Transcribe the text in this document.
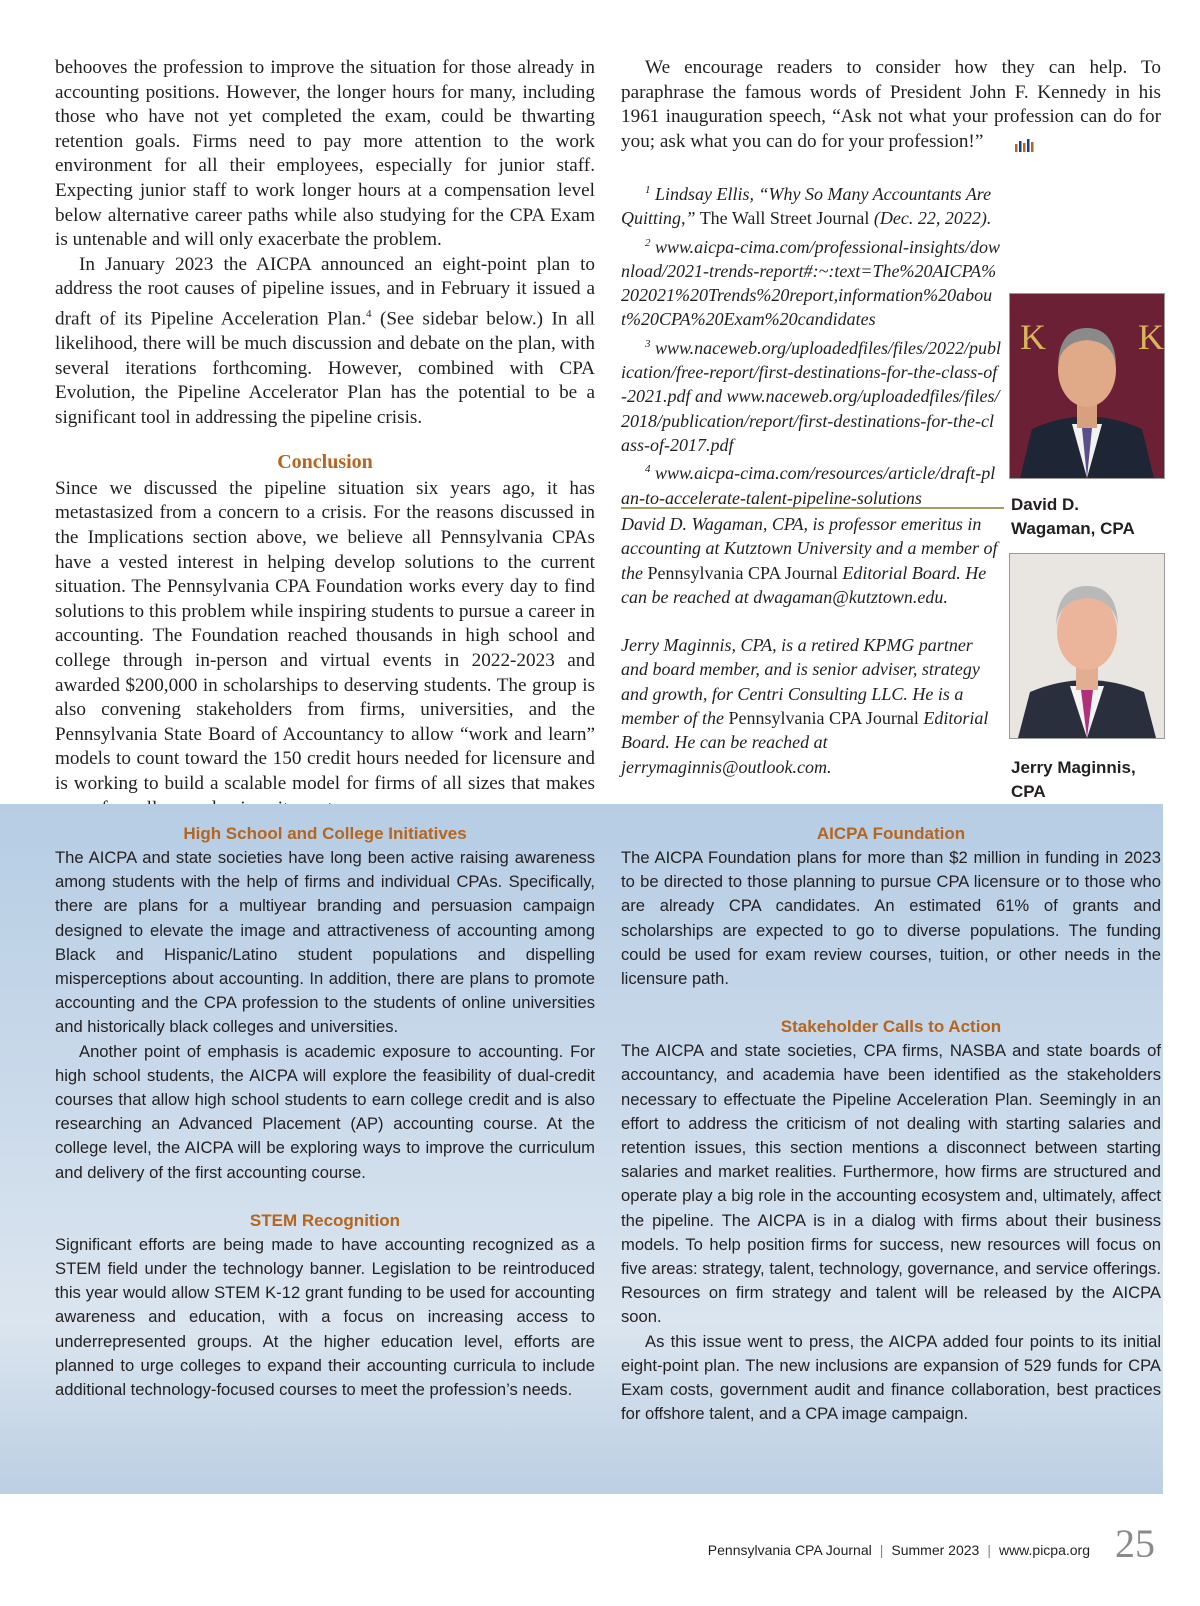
behooves the profession to improve the situation for those already in accounting positions. However, the longer hours for many, including those who have not yet completed the exam, could be thwarting retention goals. Firms need to pay more attention to the work environment for all their employees, especially for junior staff. Expecting junior staff to work longer hours at a compensation level below alternative career paths while also studying for the CPA Exam is untenable and will only exacerbate the problem.

In January 2023 the AICPA announced an eight-point plan to address the root causes of pipeline issues, and in February it issued a draft of its Pipeline Acceleration Plan.$^4$ (See sidebar below.) In all likelihood, there will be much discussion and debate on the plan, with several iterations forthcoming. However, combined with CPA Evolution, the Pipeline Accelerator Plan has the potential to be a significant tool in addressing the pipeline crisis.

Conclusion

Since we discussed the pipeline situation six years ago, it has metastasized from a concern to a crisis. For the reasons discussed in the Implications section above, we believe all Pennsylvania CPAs have a vested interest in helping develop solutions to the current situation. The Pennsylvania CPA Foundation works every day to find solutions to this problem while inspiring students to pursue a career in accounting. The Foundation reached thousands in high school and college through in-person and virtual events in 2022-2023 and awarded $200,000 in scholarships to deserving students. The group is also convening stakeholders from firms, universities, and the Pennsylvania State Board of Accountancy to allow “work and learn” models to count toward the 150 credit hours needed for licensure and is working to build a scalable model for firms of all sizes that makes

We encourage readers to consider how they can help. To paraphrase the famous words of President John F. Kennedy in his 1961 inauguration speech, “Ask not what your profession can do for you; ask what you can do for your profession!”

$^1$ Lindsay Ellis, “Why So Many Accountants Are Quitting,” The Wall Street Journal (Dec. 22, 2022).

$^2$ www.aicpa-cima.com/professional-insights/download/2021-trends-report#:~:text=The%20AICPA%202021%20Trends%20report,information%20about%20CPA%20Exam%20candidates

$^3$ www.naceweb.org/uploadedfiles/files/2022/publication/free-report/first-destinations-for-the-class-of-2021.pdf and www.naceweb.org/uploadedfiles/files/2018/publication/report/first-destinations-for-the-class-of-2017.pdf

$^4$ www.aicpa-cima.com/resources/article/draft-plan-to-accelerate-talent-pipeline-solutions

David D. Wagaman, CPA, is professor emeritus in accounting at Kutztown University and a member of the Pennsylvania CPA Journal Editorial Board. He can be reached at dwagaman@kutztown.edu.

Jerry Maginnis, CPA, is a retired KPMG partner and board member, and is senior adviser, strategy and growth, for Centri Consulting LLC. He is a member of the Pennsylvania CPA Journal Editorial Board. He can be reached at jerrymaginnis@outlook.com.

K	K
David D. Wagaman, CPA
Jerry Maginnis, CPA
High School and College Initiatives

The AICPA and state societies have long been active raising awareness among students with the help of firms and individual CPAs. Specifically, there are plans for a multiyear branding and persuasion campaign designed to elevate the image and attractiveness of accounting among Black and Hispanic/Latino student populations and dispelling misperceptions about accounting. In addition, there are plans to promote accounting and the CPA profession to the students of online universities and historically black colleges and universities.

Another point of emphasis is academic exposure to accounting. For high school students, the AICPA will explore the feasibility of dual-credit courses that allow high school students to earn college credit and is also researching an Advanced Placement (AP) accounting course. At the college level, the AICPA will be exploring ways to improve the curriculum and delivery of the first accounting course.

STEM Recognition

Significant efforts are being made to have accounting recognized as a STEM field under the technology banner. Legislation to be reintroduced this year would allow STEM K-12 grant funding to be used for accounting awareness and education, with a focus on increasing access to underrepresented groups. At the higher education level, efforts are planned to urge colleges to expand their accounting curricula to include additional technology-focused courses to meet the profession’s needs.

AICPA Foundation

The AICPA Foundation plans for more than $2 million in funding in 2023 to be directed to those planning to pursue CPA licensure or to those who are already CPA candidates. An estimated 61% of grants and scholarships are expected to go to diverse populations. The funding could be used for exam review courses, tuition, or other needs in the licensure path.

Stakeholder Calls to Action

The AICPA and state societies, CPA firms, NASBA and state boards of accountancy, and academia have been identified as the stakeholders necessary to effectuate the Pipeline Acceleration Plan. Seemingly in an effort to address the criticism of not dealing with starting salaries and retention issues, this section mentions a disconnect between starting salaries and market realities. Furthermore, how firms are structured and operate play a big role in the accounting ecosystem and, ultimately, affect the pipeline. The AICPA is in a dialog with firms about their business models. To help position firms for success, new resources will focus on five areas: strategy, talent, technology, governance, and service offerings. Resources on firm strategy and talent will be released by the AICPA soon.

As this issue went to press, the AICPA added four points to its initial eight-point plan. The new inclusions are expansion of 529 funds for CPA Exam costs, government audit and finance collaboration, best practices for offshore talent, and a CPA image campaign.

Pennsylvania CPA Journal | Summer 2023 | www.picpa.org 25
